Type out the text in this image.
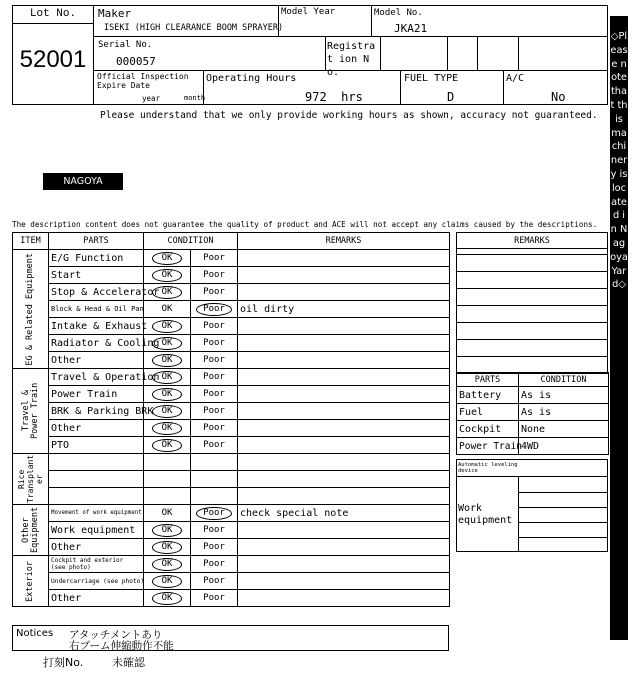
Lot No.
52001
Maker
ISEKI (HIGH CLEARANCE BOOM SPRAYER)
Model Year	Model No.
JKA21
Serial No.
000057
Registrat ion No.
Official Inspection Expire Date
year	month
Operating Hours
972  hrs
FUEL TYPE
D
A/C
No
Please understand that we only provide working hours as shown, accuracy not guaranteed.
NAGOYA
◇Please note that this machinery is located in Nagoya Yard◇
The description content does not guarantee the quality of product and ACE will not accept any claims caused by the descriptions.
ITEM	PARTS	CONDITION		REMARKS

EG & Related Equipment	E/G Function	OK	Poor	
	Start	OK	Poor	
	Stop & Accelerator	OK	Poor	
	Block & Head & Oil Pan	OK	Poor	oil dirty
	Intake & Exhaust	OK	Poor	
	Radiator & Cooling	OK	Poor	
	Other	OK	Poor	

Travel & Power Train	Travel & Operation	OK	Poor	
	Power Train	OK	Poor	
	BRK & Parking BRK	OK	Poor	
	Other	OK	Poor	
	PTO	OK	Poor	

Rice Transplant er				

Other Equipment	Movement of work equipment	OK	Poor	check special note
	Work equipment	OK	Poor	
	Other	OK	Poor	

Exterior	Cockpit and exterior (see photo)	OK	Poor	
	Undercarriage (see photo)	OK	Poor	
	Other	OK	Poor	
REMARKS

PARTS	CONDITION
Battery	As is
Fuel	As is
Cockpit	None
Power Train	4WD
Automatic leveling device
Work equipment
Notices アタッチメントあり
右ブーム伸縮動作不能
打刻No.	未確認
